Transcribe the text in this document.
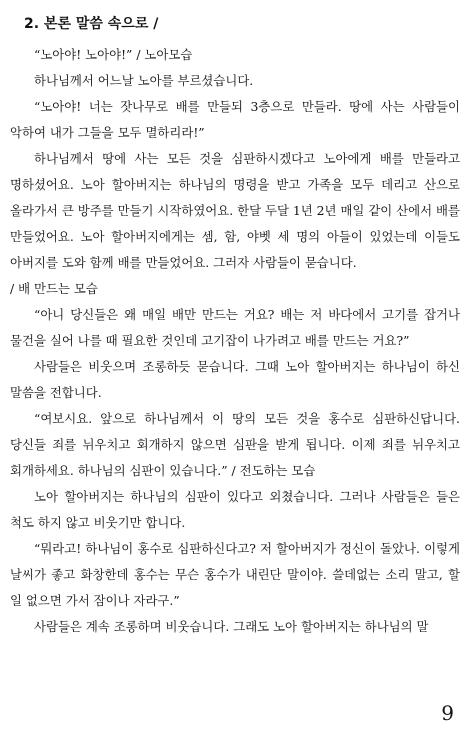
2. 본론 말씀 속으로 /

“노아야! 노아야!” / 노아모습

하나님께서 어느날 노아를 부르셨습니다.

“노아야! 너는 잣나무로 배를 만들되 3층으로 만들라. 땅에 사는 사람들이 악하여 내가 그들을 모두 멸하리라!”

하나님께서 땅에 사는 모든 것을 심판하시겠다고 노아에게 배를 만들라고 명하셨어요. 노아 할아버지는 하나님의 명령을 받고 가족을 모두 데리고 산으로 올라가서 큰 방주를 만들기 시작하였어요. 한달 두달 1년 2년 매일 같이 산에서 배를 만들었어요. 노아 할아버지에게는 셈, 함, 야벳 세 명의 아들이 있었는데 이들도 아버지를 도와 함께 배를 만들었어요. 그러자 사람들이 묻습니다.

/ 배 만드는 모습

“아니 당신들은 왜 매일 배만 만드는 거요? 배는 저 바다에서 고기를 잡거나 물건을 실어 나를 때 필요한 것인데 고기잡이 나가려고 배를 만드는 거요?”

사람들은 비웃으며 조롱하듯 묻습니다. 그때 노아 할아버지는 하나님이 하신 말씀을 전합니다.

“여보시요. 앞으로 하나님께서 이 땅의 모든 것을 홍수로 심판하신답니다. 당신들 죄를 뉘우치고 회개하지 않으면 심판을 받게 됩니다. 이제 죄를 뉘우치고 회개하세요. 하나님의 심판이 있습니다.” / 전도하는 모습

노아 할아버지는 하나님의 심판이 있다고 외쳤습니다. 그러나 사람들은 들은 척도 하지 않고 비웃기만 합니다.

“뭐라고! 하나님이 홍수로 심판하신다고? 저 할아버지가 정신이 돌았나. 이렇게 날씨가 좋고 화창한데 홍수는 무슨 홍수가 내린단 말이야. 쓸데없는 소리 말고, 할 일 없으면 가서 잠이나 자라구.”

사람들은 계속 조롱하며 비웃습니다. 그래도 노아 할아버지는 하나님의 말

9
